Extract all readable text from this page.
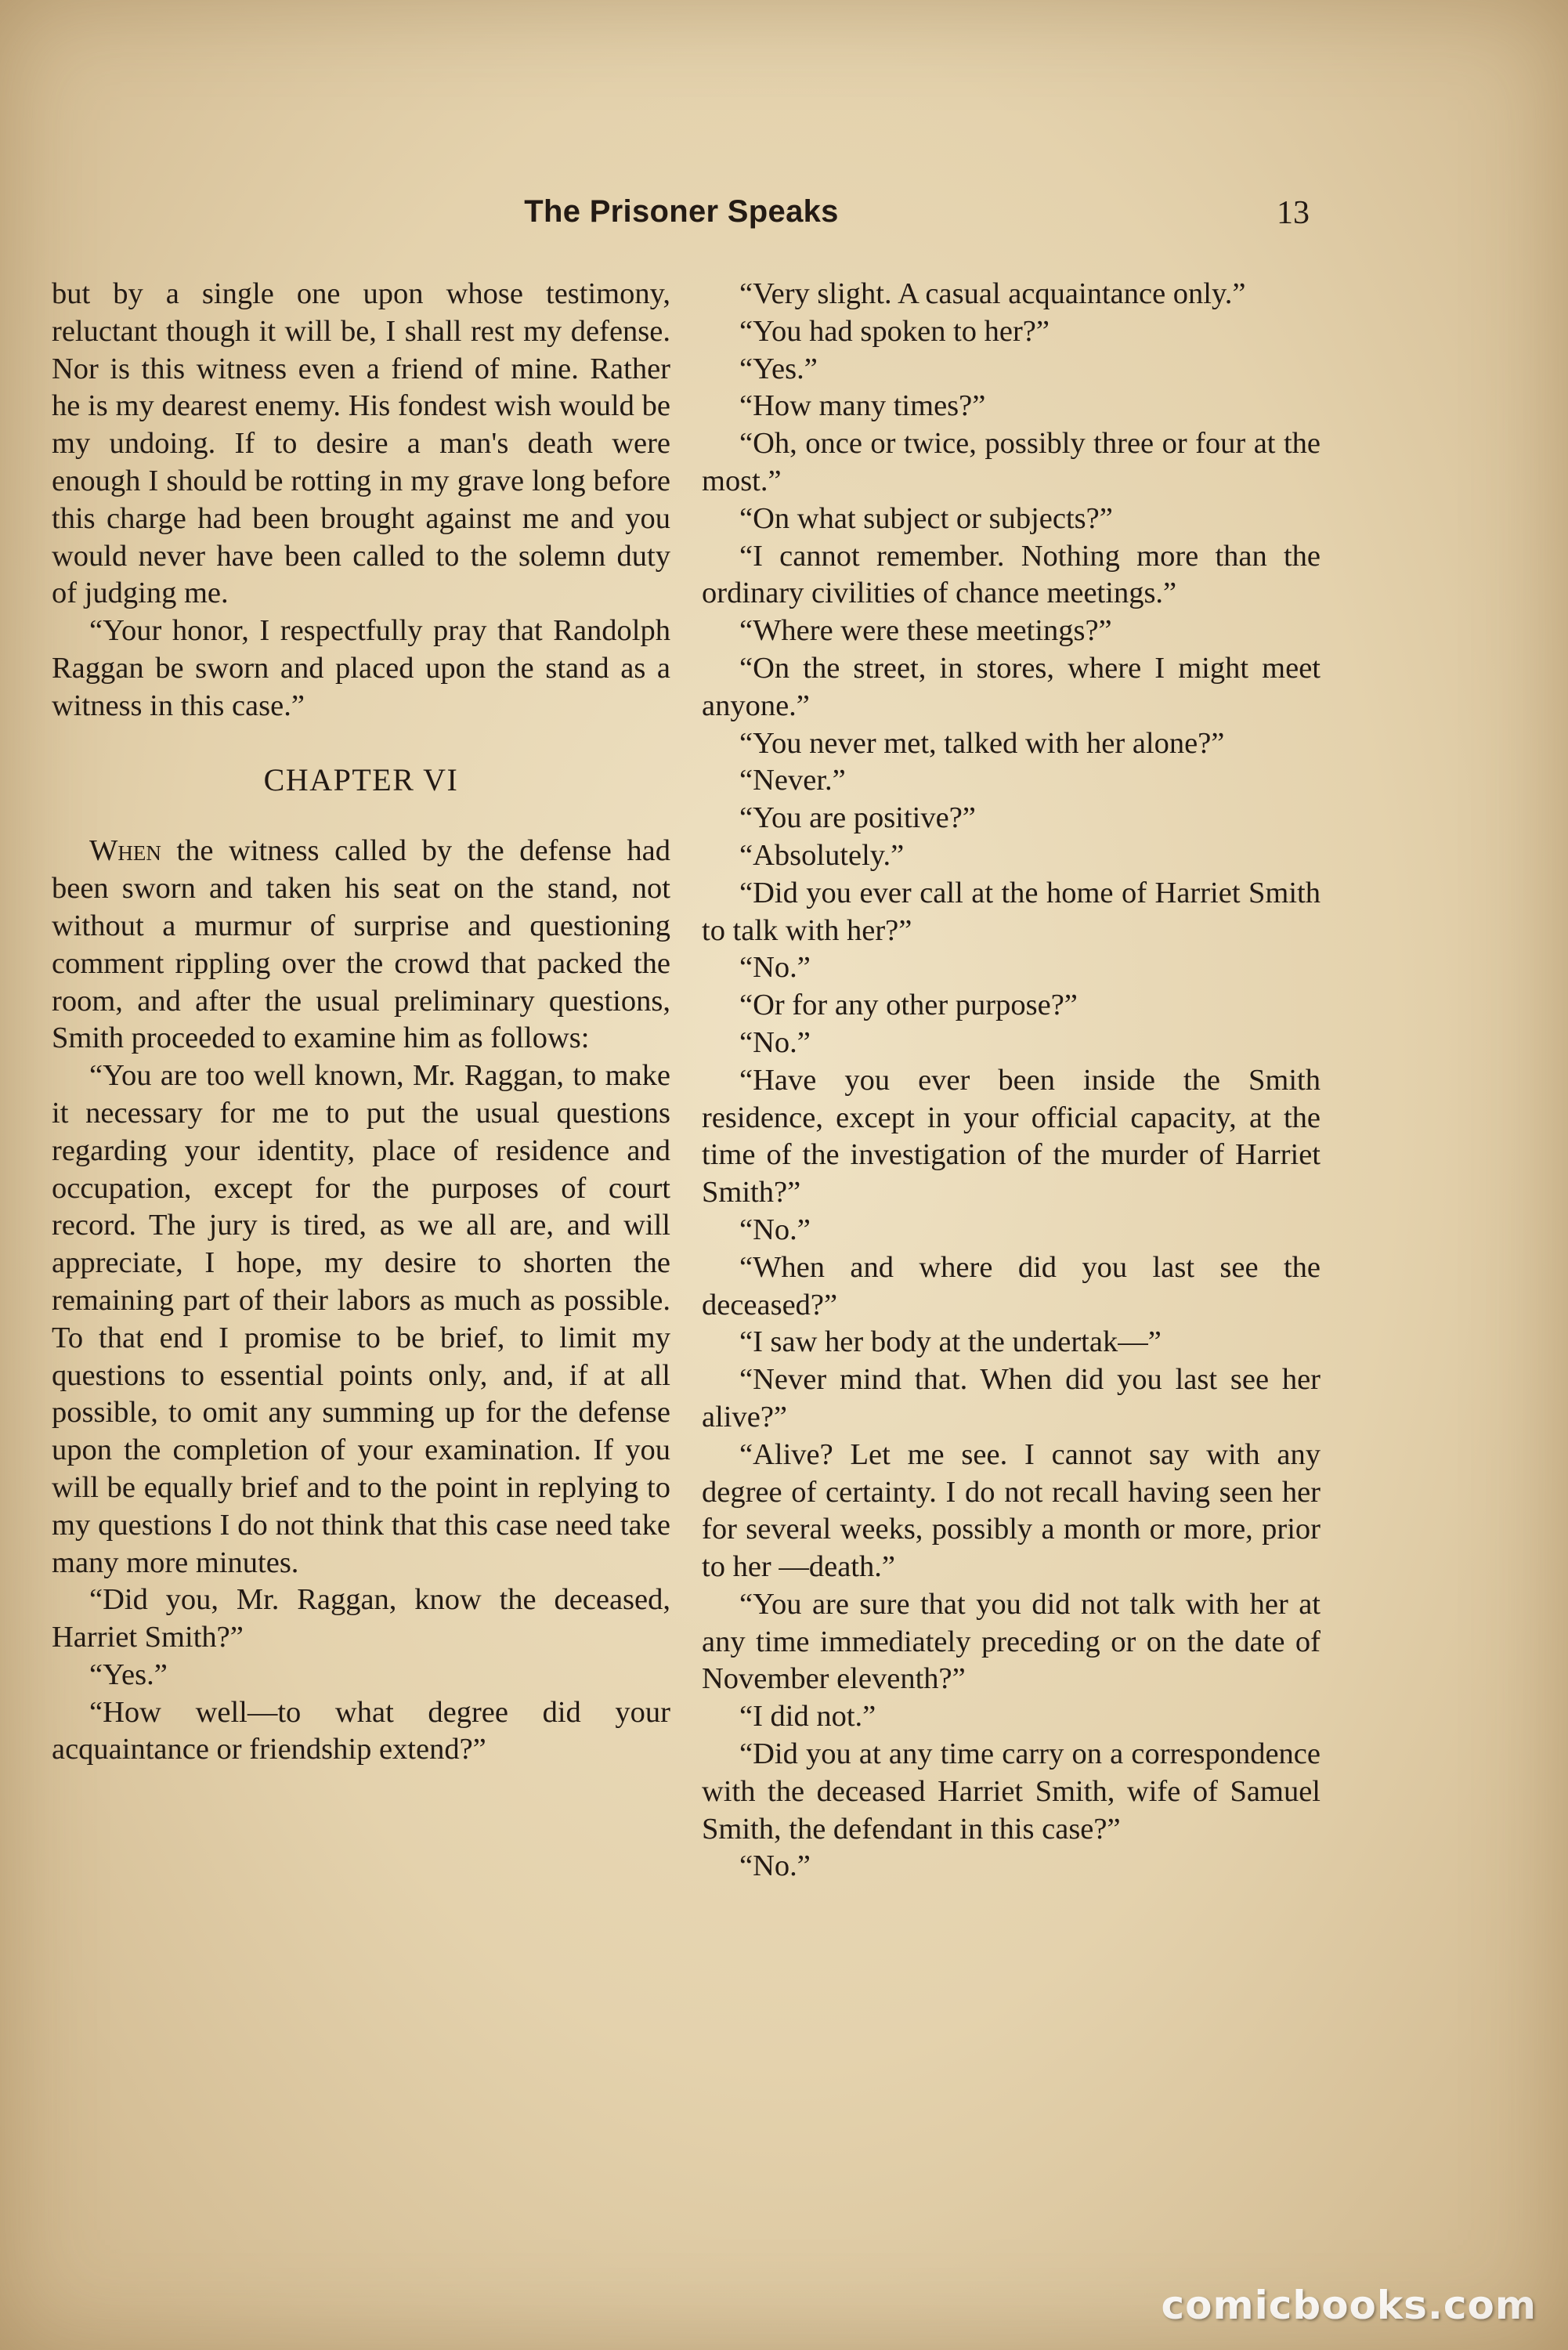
The Prisoner Speaks	13

but by a single one upon whose testimony, reluctant though it will be, I shall rest my defense. Nor is this witness even a friend of mine. Rather he is my dearest enemy. His fondest wish would be my undoing. If to desire a man's death were enough I should be rotting in my grave long before this charge had been brought against me and you would never have been called to the solemn duty of judging me.

“Your honor, I respectfully pray that Randolph Raggan be sworn and placed upon the stand as a witness in this case.”

CHAPTER VI

When the witness called by the defense had been sworn and taken his seat on the stand, not without a murmur of surprise and questioning comment rippling over the crowd that packed the room, and after the usual preliminary questions, Smith proceeded to examine him as follows:

“You are too well known, Mr. Raggan, to make it necessary for me to put the usual questions regarding your identity, place of residence and occupation, except for the purposes of court record. The jury is tired, as we all are, and will appreciate, I hope, my desire to shorten the remaining part of their labors as much as possible. To that end I promise to be brief, to limit my questions to essential points only, and, if at all possible, to omit any summing up for the defense upon the completion of your examination. If you will be equally brief and to the point in replying to my questions I do not think that this case need take many more minutes.

“Did you, Mr. Raggan, know the deceased, Harriet Smith?”

“Yes.”

“How well—to what degree did your acquaintance or friendship extend?”

“Very slight. A casual acquaintance only.”

“You had spoken to her?”

“Yes.”

“How many times?”

“Oh, once or twice, possibly three or four at the most.”

“On what subject or subjects?”

“I cannot remember. Nothing more than the ordinary civilities of chance meetings.”

“Where were these meetings?”

“On the street, in stores, where I might meet anyone.”

“You never met, talked with her alone?”

“Never.”

“You are positive?”

“Absolutely.”

“Did you ever call at the home of Harriet Smith to talk with her?”

“No.”

“Or for any other purpose?”

“No.”

“Have you ever been inside the Smith residence, except in your official capacity, at the time of the investigation of the murder of Harriet Smith?”

“No.”

“When and where did you last see the deceased?”

“I saw her body at the undertak—”

“Never mind that. When did you last see her alive?”

“Alive? Let me see. I cannot say with any degree of certainty. I do not recall having seen her for several weeks, possibly a month or more, prior to her —death.”

“You are sure that you did not talk with her at any time immediately preceding or on the date of November eleventh?”

“I did not.”

“Did you at any time carry on a correspondence with the deceased Harriet Smith, wife of Samuel Smith, the defendant in this case?”

“No.”

comicbooks.com
